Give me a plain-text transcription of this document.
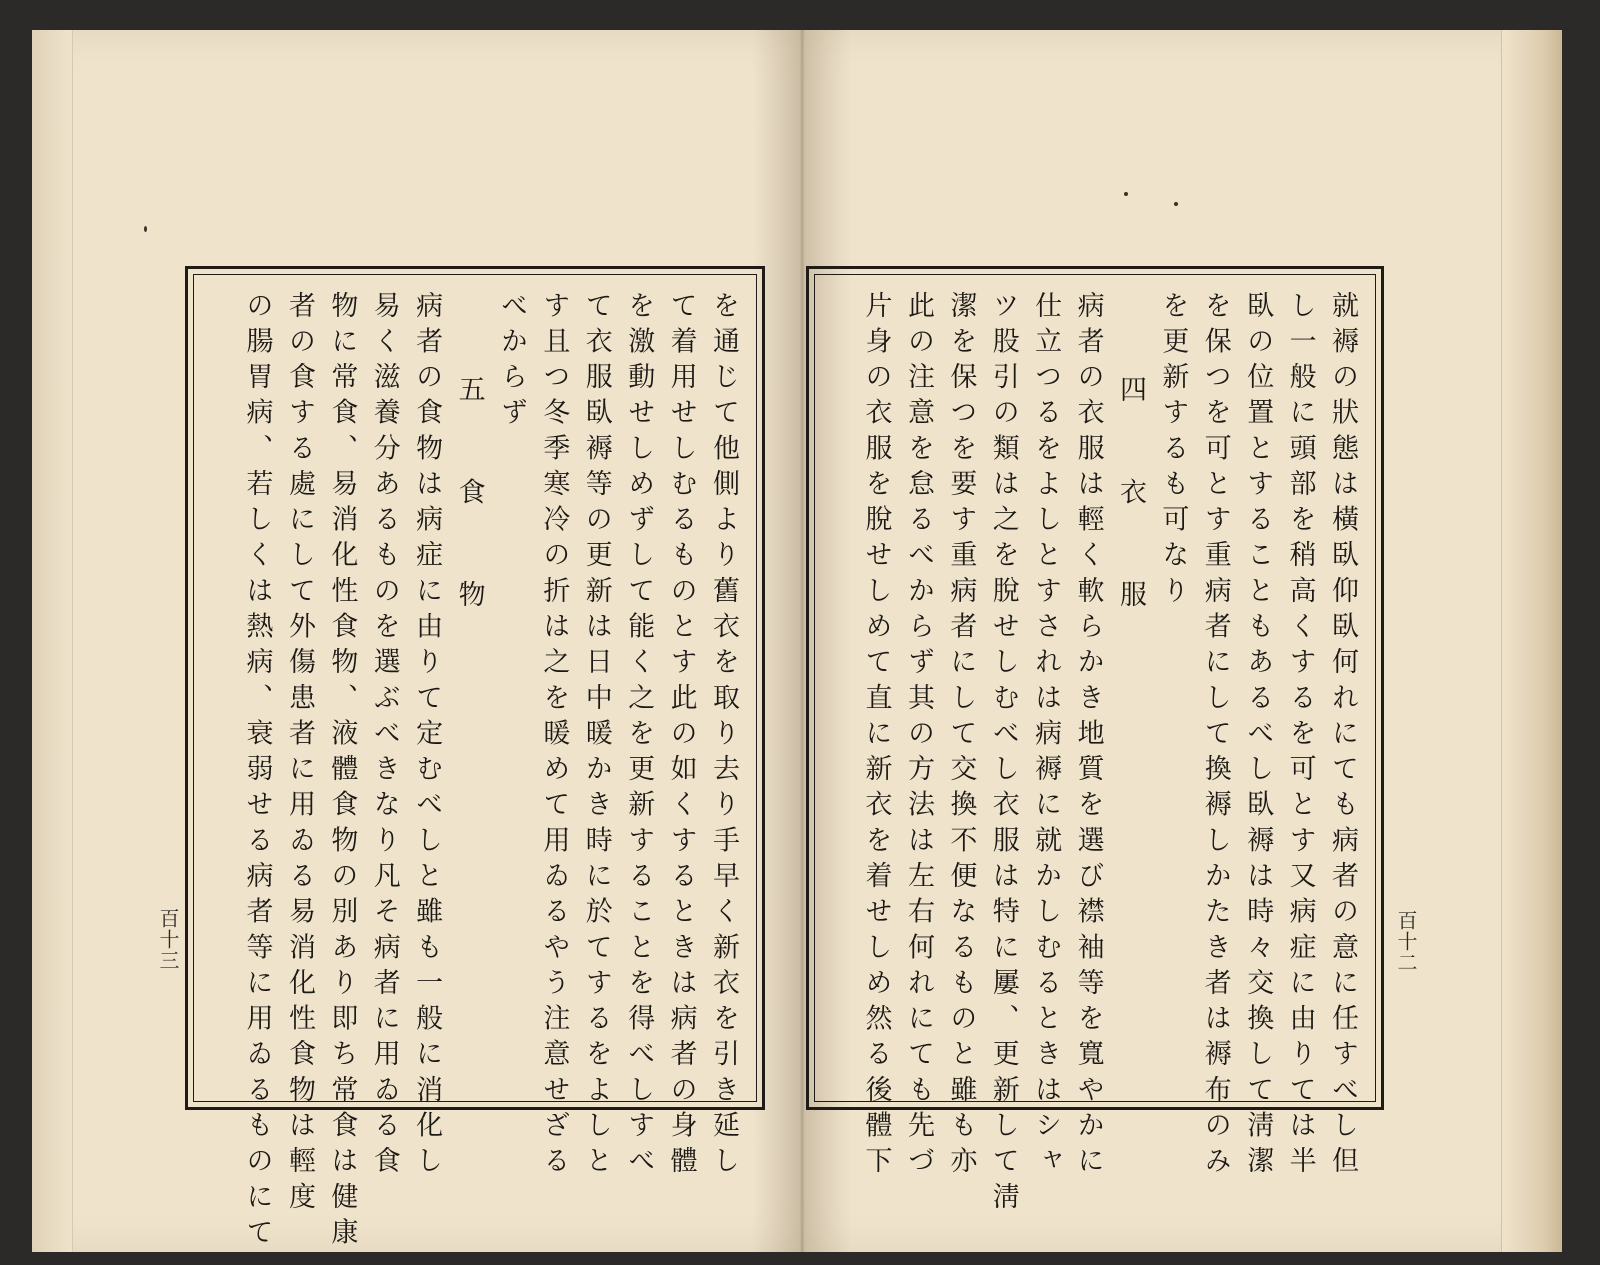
就褥の狀態は橫臥仰臥何れにても病者の意に任すべし但
し一般に頭部を稍高くするを可とす又病症に由りては半
臥の位置とすることもあるべし臥褥は時々交換して淸潔
を保つを可とす重病者にして換褥しかたき者は褥布のみ
を更新するも可なり
四　衣　服
病者の衣服は輕く軟らかき地質を選び襟袖等を寬やかに
仕立つるをよしとすされは病褥に就かしむるときはシャ
ツ股引の類は之を脫せしむべし衣服は特に屢、更新して淸
潔を保つを要す重病者にして交換不便なるものと雖も亦
此の注意を怠るべからず其の方法は左右何れにても先づ
片身の衣服を脫せしめて直に新衣を着せしめ然る後體下	百十二
を通じて他側より舊衣を取り去り手早く新衣を引き延し
て着用せしむるものとす此の如くするときは病者の身體
を激動せしめずして能く之を更新することを得べしすべ
て衣服臥褥等の更新は日中暖かき時に於てするをよしと
す且つ冬季寒冷の折は之を暖めて用ゐるやう注意せざる
べからず
五　食　物
病者の食物は病症に由りて定むべしと雖も一般に消化し
易く滋養分あるものを選ぶべきなり凡そ病者に用ゐる食
物に常食、易消化性食物、液體食物の別あり即ち常食は健康
者の食する處にして外傷患者に用ゐる易消化性食物は輕度
の腸胃病、若しくは熱病、衰弱せる病者等に用ゐるものにて
百十三
